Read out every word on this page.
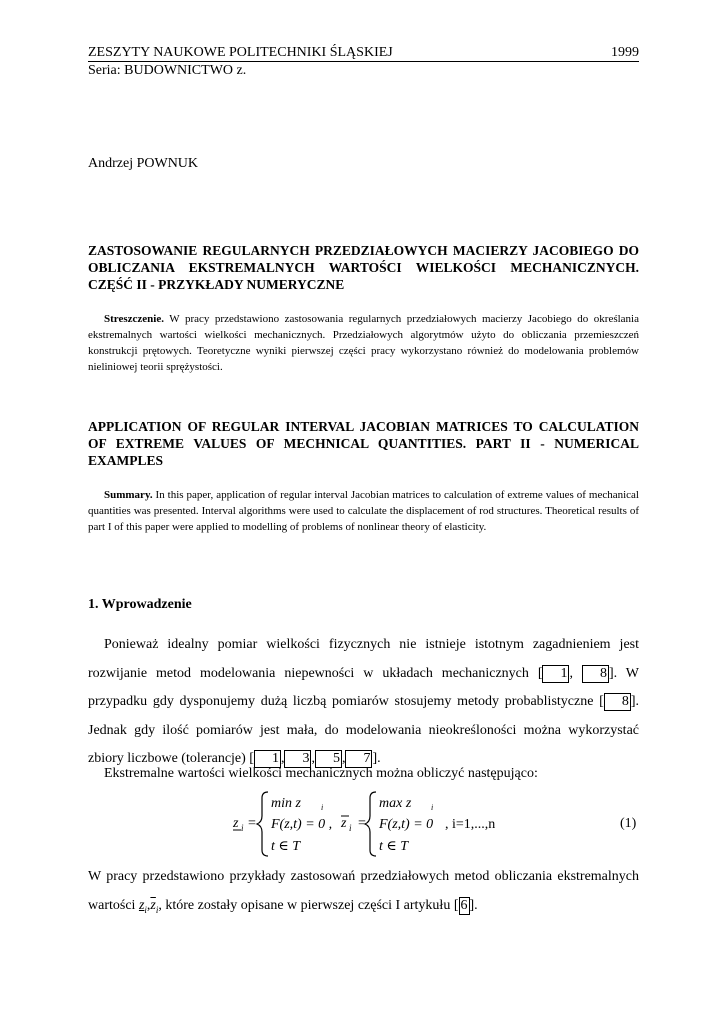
ZESZYTY NAUKOWE POLITECHNIKI ŚLĄSKIEJ	1999
Seria: BUDOWNICTWO z.
Andrzej POWNUK
ZASTOSOWANIE REGULARNYCH PRZEDZIAŁOWYCH MACIERZY JACOBIEGO DO OBLICZANIA EKSTREMALNYCH WARTOŚCI WIELKOŚCI MECHANICZNYCH. CZĘŚĆ II - PRZYKŁADY NUMERYCZNE
Streszczenie. W pracy przedstawiono zastosowania regularnych przedziałowych macierzy Jacobiego do określania ekstremalnych wartości wielkości mechanicznych. Przedziałowych algorytmów użyto do obliczania przemieszczeń konstrukcji prętowych. Teoretyczne wyniki pierwszej części pracy wykorzystano również do modelowania problemów nieliniowej teorii sprężystości.
APPLICATION OF REGULAR INTERVAL JACOBIAN MATRICES TO CALCULATION OF EXTREME VALUES OF MECHNICAL QUANTITIES. PART II - NUMERICAL EXAMPLES
Summary. In this paper, application of regular interval Jacobian matrices to calculation of extreme values of mechanical quantities was presented. Interval algorithms were used to calculate the displacement of rod structures. Theoretical results of part I of this paper were applied to modelling of problems of nonlinear theory of elasticity.
1. Wprowadzenie
Ponieważ idealny pomiar wielkości fizycznych nie istnieje istotnym zagadnieniem jest rozwijanie metod modelowania niepewności w układach mechanicznych [ 1 , 8 ]. W przypadku gdy dysponujemy dużą liczbą pomiarów stosujemy metody probablistyczne [ 8 ]. Jednak gdy ilość pomiarów jest mała, do modelowania nieokreśloności można wykorzystać zbiory liczbowe (tolerancje) [ 1 , 3 , 5 , 7 ].
Ekstremalne wartości wielkości mechanicznych można obliczyć następująco:
z i =
min z	i
F(z,t) = 0 ,
t ∈ T
z i =
max z i
F(z,t) = 0 , i=1,...,n
t ∈ T
(1)
W pracy przedstawiono przykłady zastosowań przedziałowych metod obliczania ekstremalnych wartości $z_i,\overline{z}_i$, które zostały opisane w pierwszej części I artykułu [ 6 ].
